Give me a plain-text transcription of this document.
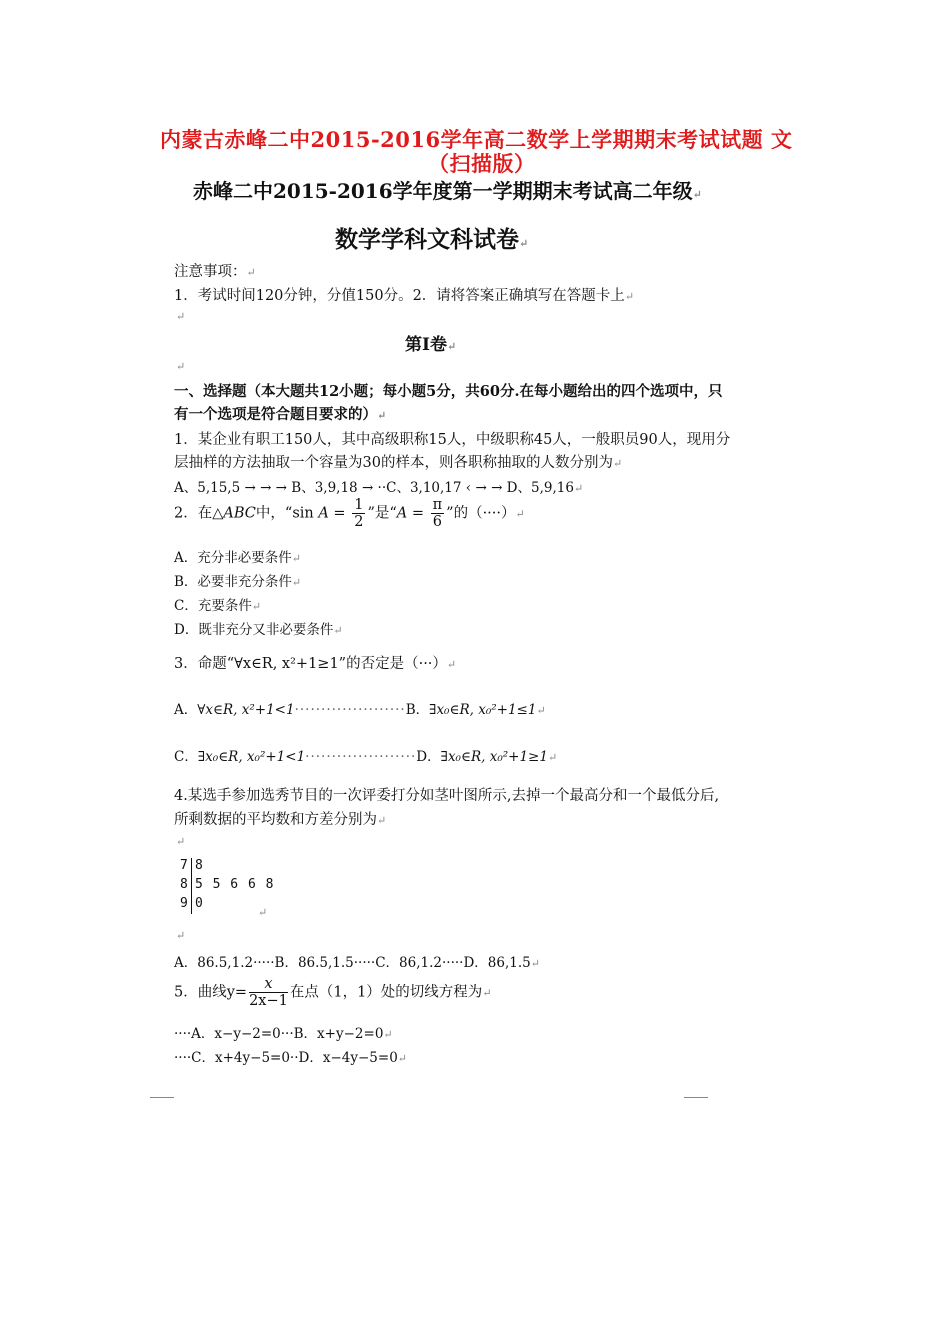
内蒙古赤峰二中2015-2016学年高二数学上学期期末考试试题 文
（扫描版）
赤峰二中2015-2016学年度第一学期期末考试高二年级↵
数学学科文科试卷↵
注意事项：↵
1．考试时间120分钟，分值150分。2．请将答案正确填写在答题卡上↵
↵
第I卷↵
↵
一、选择题（本大题共12小题；每小题5分，共60分.在每小题给出的四个选项中，只
有一个选项是符合题目要求的）↵
1．某企业有职工150人，其中高级职称15人，中级职称45人，一般职员90人，现用分
层抽样的方法抽取一个容量为30的样本，则各职称抽取的人数分别为↵
A、5,15,5 → → → B、3,9,18 → ··C、3,10,17 ‹ → → D、5,9,16↵
2．在△ABC中，“sin $A = \frac{1}{2}$ ”是“$A = \frac{\pi}{6}$ ”的（····）↵
A．充分非必要条件↵
B．必要非充分条件↵
C．充要条件↵
D．既非充分又非必要条件↵
3．命题“∀x∈R, x²+1≥1”的否定是（···）↵
A．∀x∈R, x²+1<1·····················B．∃x₀∈R, x₀²+1≤1↵
C．∃x₀∈R, x₀²+1<1·····················D．∃x₀∈R, x₀²+1≥1↵
4.某选手参加选秀节目的一次评委打分如茎叶图所示,去掉一个最高分和一个最低分后,
所剩数据的平均数和方差分别为↵
↵
7
8
9
8
5 5 6 6 8
0
↵
↵
A．86.5,1.2·····B．86.5,1.5·····C．86,1.2·····D．86,1.5↵
5．曲线$y= \frac{x}{2x-1}$ 在点（1，1）处的切线方程为↵
····A．x−y−2=0···B．x+y−2=0↵
····C．x+4y−5=0··D．x−4y−5=0↵
